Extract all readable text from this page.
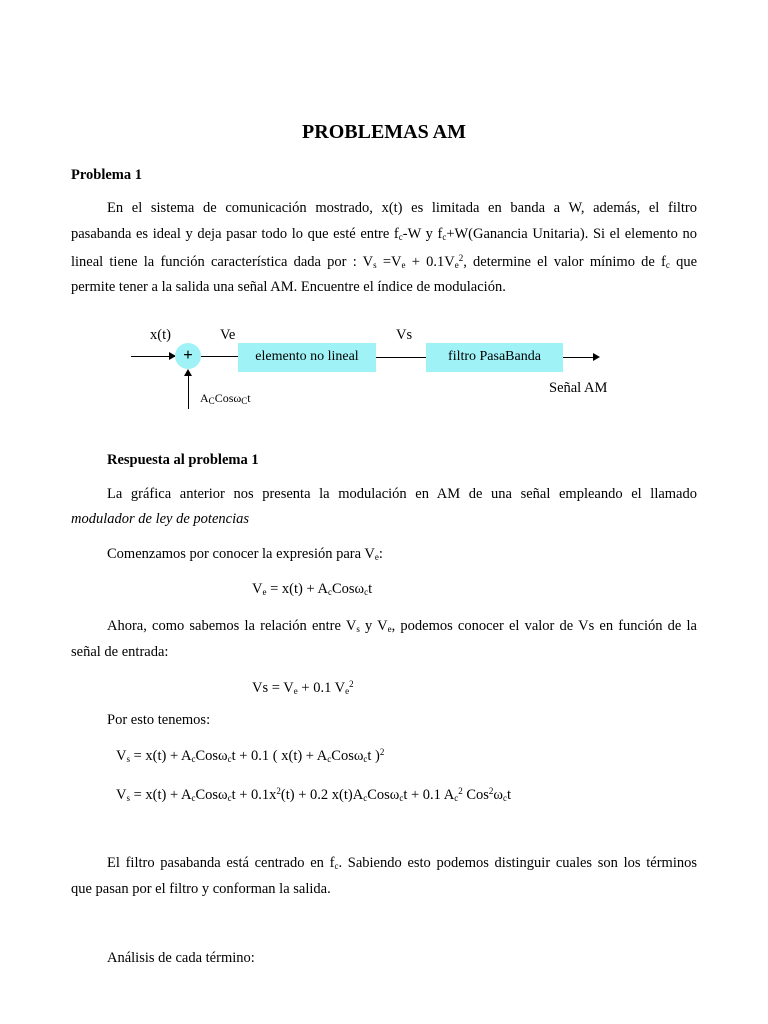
PROBLEMAS AM
Problema 1
En el sistema de comunicación mostrado, x(t) es limitada en banda a W, además, el filtro
pasabanda es ideal y deja pasar todo lo que esté entre $f_c-W$ y $f_c+W(Ganancia$ Unitaria). Si el elemento no
lineal tiene la función característica dada por : $V_s =V_e + 0.1V_e^2$, determine el valor mínimo de $f_c$ que
permite tener a la salida una señal AM. Encuentre el índice de modulación.
x(t)	Ve	Vs
+	elemento no lineal	filtro PasaBanda
Señal AM
$A_CCos\omega_Ct$
Respuesta al problema 1
La gráfica anterior nos presenta la modulación en AM de una señal empleando el llamado
modulador de ley de potencias
Comenzamos por conocer la expresión para $V_e$:
$V_e = x(t) + A_cCos\omega_ct$
Ahora, como sabemos la relación entre $V_s$ y $V_e$, podemos conocer el valor de Vs en función de la
señal de entrada:
$Vs = V_e + 0.1$ $V_e^2$
Por esto tenemos:
$V_s = x(t) + A_cCos\omega_ct + 0.1$ ( $x(t) + A_cCos\omega_ct$ )$^2$
$V_s = x(t) + A_cCos\omega_ct + 0.1x^2(t) + 0.2$ $x(t)A_cCos\omega_ct + 0.1$ $A_c^2$ $Cos^2\omega_ct$
El filtro pasabanda está centrado en $f_c$. Sabiendo esto podemos distinguir cuales son los términos
que pasan por el filtro y conforman la salida.
Análisis de cada término:
